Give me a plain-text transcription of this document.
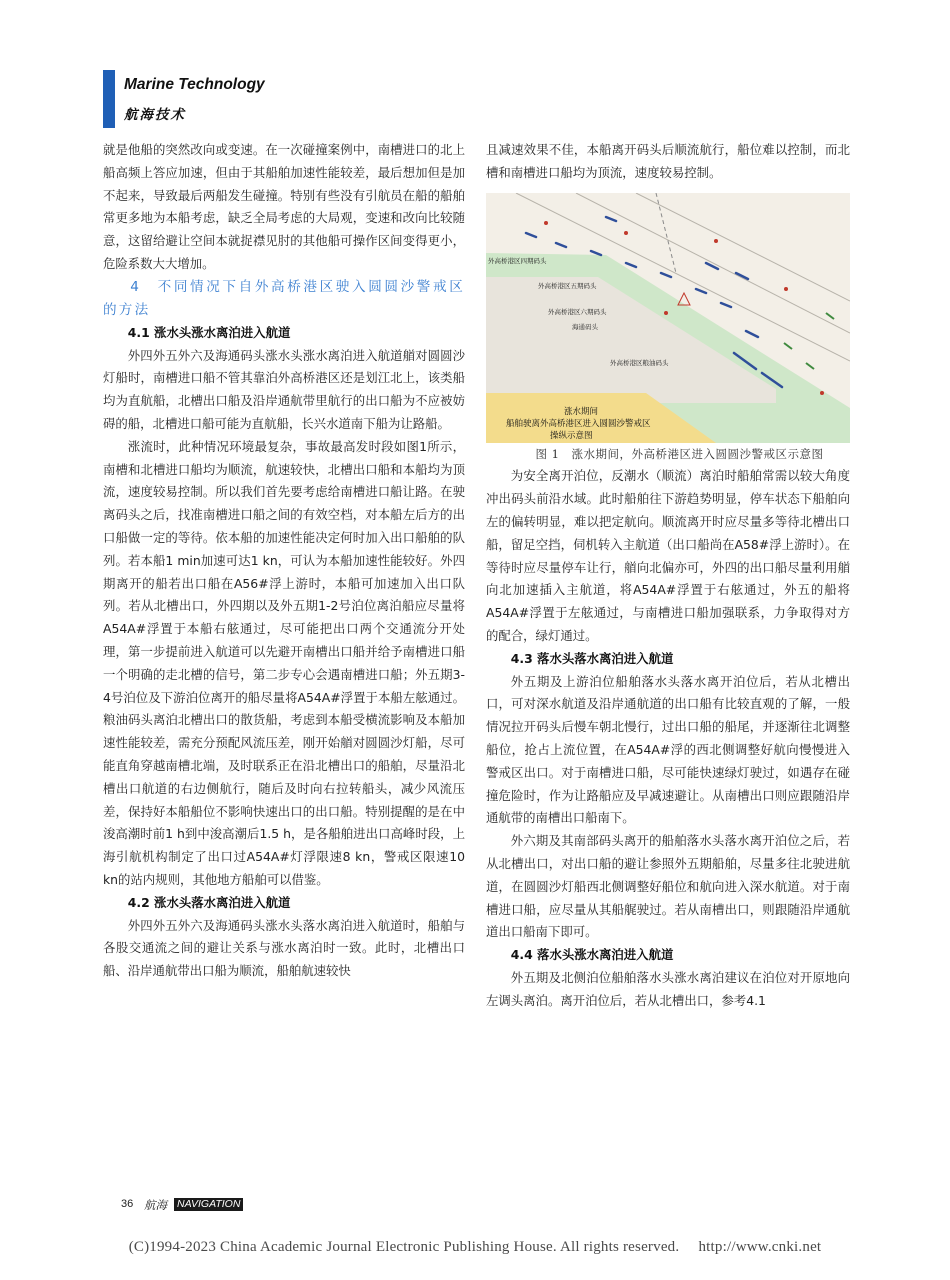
Marine Technology
航海技术

就是他船的突然改向或变速。在一次碰撞案例中，南槽进口的北上船高频上答应加速，但由于其船舶加速性能较差，最后想加但是加不起来，导致最后两船发生碰撞。特别有些没有引航员在船的船舶常更多地为本船考虑，缺乏全局考虑的大局观，变速和改向比较随意，这留给避让空间本就捉襟见肘的其他船可操作区间变得更小，危险系数大大增加。

4　不同情况下自外高桥港区驶入圆圆沙警戒区的方法

4.1 涨水头涨水离泊进入航道

外四外五外六及海通码头涨水头涨水离泊进入航道艏对圆圆沙灯船时，南槽进口船不管其靠泊外高桥港区还是划江北上，该类船均为直航船，北槽出口船及沿岸通航带里航行的出口船为不应被妨碍的船，北槽进口船可能为直航船，长兴水道南下船为让路船。

涨流时，此种情况环境最复杂，事故最高发时段如图1所示，南槽和北槽进口船均为顺流，航速较快，北槽出口船和本船均为顶流，速度较易控制。所以我们首先要考虑给南槽进口船让路。在驶离码头之后，找准南槽进口船之间的有效空档，对本船左后方的出口船做一定的等待。依本船的加速性能决定何时加入出口船舶的队列。若本船1 min加速可达1 kn，可认为本船加速性能较好。外四期离开的船若出口船在A56#浮上游时，本船可加速加入出口队列。若从北槽出口，外四期以及外五期1-2号泊位离泊船应尽量将A54A#浮置于本船右舷通过，尽可能把出口两个交通流分开处理，第一步提前进入航道可以先避开南槽出口船并给予南槽进口船一个明确的走北槽的信号，第二步专心会遇南槽进口船；外五期3-4号泊位及下游泊位离开的船尽量将A54A#浮置于本船左舷通过。粮油码头离泊北槽出口的散货船，考虑到本船受横流影响及本船加速性能较差，需充分预配风流压差，刚开始艏对圆圆沙灯船，尽可能直角穿越南槽北端，及时联系正在沿北槽出口的船舶，尽量沿北槽出口航道的右边侧航行，随后及时向右拉转船头，减少风流压差，保持好本船船位不影响快速出口的出口船。特别提醒的是在中浚高潮时前1 h到中浚高潮后1.5 h，是各船舶进出口高峰时段，上海引航机构制定了出口过A54A#灯浮限速8 kn，警戒区限速10 kn的站内规则，其他地方船舶可以借鉴。

4.2 涨水头落水离泊进入航道

外四外五外六及海通码头涨水头落水离泊进入航道时，船舶与各股交通流之间的避让关系与涨水离泊时一致。此时，北槽出口船、沿岸通航带出口船为顺流，船舶航速较快

且减速效果不佳，本船离开码头后顺流航行，船位难以控制，而北槽和南槽进口船均为顶流，速度较易控制。

外高桥港区四期码头
外高桥港区五期码头
外高桥港区六期码头
海通码头
外高桥港区粮油码头
涨水期间
船舶驶离外高桥港区进入圆圆沙警戒区
操纵示意图

图 1　涨水期间，外高桥港区进入圆圆沙警戒区示意图

为安全离开泊位，反潮水（顺流）离泊时船舶常需以较大角度冲出码头前沿水域。此时船舶往下游趋势明显，停车状态下船舶向左的偏转明显，难以把定航向。顺流离开时应尽量多等待北槽出口船，留足空挡，伺机转入主航道（出口船尚在A58#浮上游时）。在等待时应尽量停车让行，艏向北偏亦可，外四的出口船尽量利用艏向北加速插入主航道，将A54A#浮置于右舷通过，外五的船将A54A#浮置于左舷通过，与南槽进口船加强联系，力争取得对方的配合，绿灯通过。

4.3 落水头落水离泊进入航道

外五期及上游泊位船舶落水头落水离开泊位后，若从北槽出口，可对深水航道及沿岸通航道的出口船有比较直观的了解，一般情况拉开码头后慢车朝北慢行，过出口船的船尾，并逐渐往北调整船位，抢占上流位置，在A54A#浮的西北侧调整好航向慢慢进入警戒区出口。对于南槽进口船，尽可能快速绿灯驶过，如遇存在碰撞危险时，作为让路船应及早减速避让。从南槽出口则应跟随沿岸通航带的南槽出口船南下。

外六期及其南部码头离开的船舶落水头落水离开泊位之后，若从北槽出口，对出口船的避让参照外五期船舶，尽量多往北驶进航道，在圆圆沙灯船西北侧调整好船位和航向进入深水航道。对于南槽进口船，应尽量从其船艉驶过。若从南槽出口，则跟随沿岸通航道出口船南下即可。

4.4 落水头涨水离泊进入航道

外五期及北侧泊位船舶落水头涨水离泊建议在泊位对开原地向左调头离泊。离开泊位后，若从北槽出口，参考4.1

36 航海 NAVIGATION
(C)1994-2023 China Academic Journal Electronic Publishing House. All rights reserved.　 http://www.cnki.net
